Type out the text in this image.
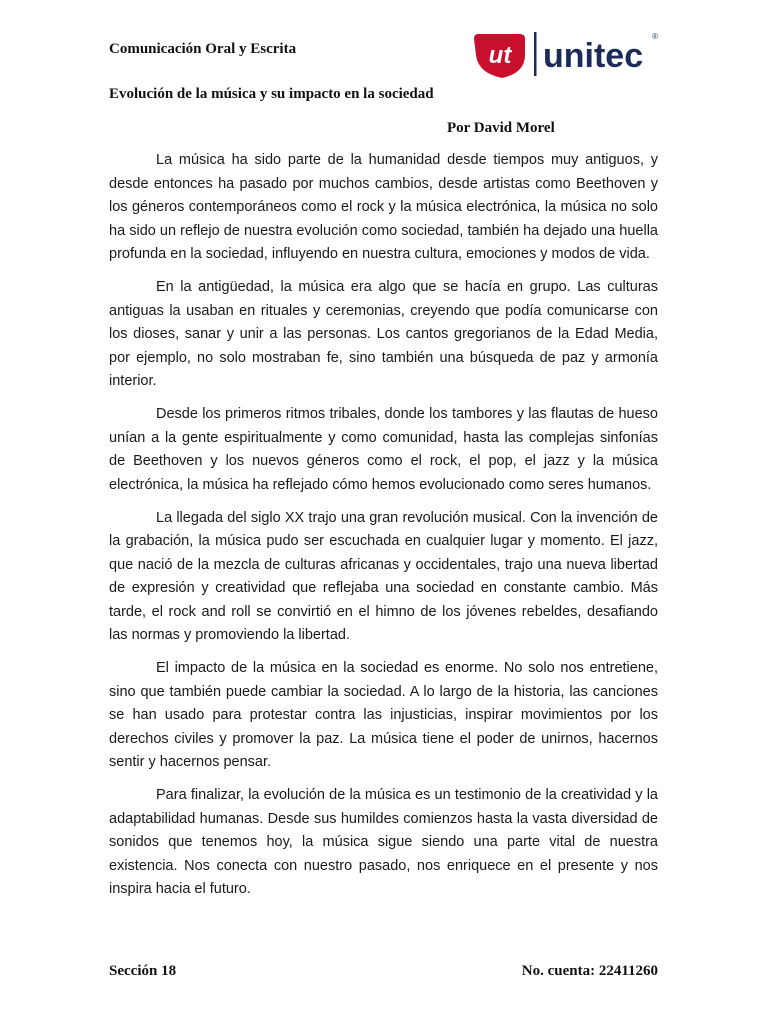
Comunicación Oral y Escrita	ut unitec
®
Evolución de la música y su impacto en la sociedad
Por David Morel

La música ha sido parte de la humanidad desde tiempos muy antiguos, y desde entonces ha pasado por muchos cambios, desde artistas como Beethoven y los géneros contemporáneos como el rock y la música electrónica, la música no solo ha sido un reflejo de nuestra evolución como sociedad, también ha dejado una huella profunda en la sociedad, influyendo en nuestra cultura, emociones y modos de vida.

En la antigüedad, la música era algo que se hacía en grupo. Las culturas antiguas la usaban en rituales y ceremonias, creyendo que podía comunicarse con los dioses, sanar y unir a las personas. Los cantos gregorianos de la Edad Media, por ejemplo, no solo mostraban fe, sino también una búsqueda de paz y armonía interior.

Desde los primeros ritmos tribales, donde los tambores y las flautas de hueso unían a la gente espiritualmente y como comunidad, hasta las complejas sinfonías de Beethoven y los nuevos géneros como el rock, el pop, el jazz y la música electrónica, la música ha reflejado cómo hemos evolucionado como seres humanos.

La llegada del siglo XX trajo una gran revolución musical. Con la invención de la grabación, la música pudo ser escuchada en cualquier lugar y momento. El jazz, que nació de la mezcla de culturas africanas y occidentales, trajo una nueva libertad de expresión y creatividad que reflejaba una sociedad en constante cambio. Más tarde, el rock and roll se convirtió en el himno de los jóvenes rebeldes, desafiando las normas y promoviendo la libertad.

El impacto de la música en la sociedad es enorme. No solo nos entretiene, sino que también puede cambiar la sociedad. A lo largo de la historia, las canciones se han usado para protestar contra las injusticias, inspirar movimientos por los derechos civiles y promover la paz. La música tiene el poder de unirnos, hacernos sentir y hacernos pensar.

Para finalizar, la evolución de la música es un testimonio de la creatividad y la adaptabilidad humanas. Desde sus humildes comienzos hasta la vasta diversidad de sonidos que tenemos hoy, la música sigue siendo una parte vital de nuestra existencia. Nos conecta con nuestro pasado, nos enriquece en el presente y nos inspira hacia el futuro.

Sección 18	No. cuenta: 22411260
